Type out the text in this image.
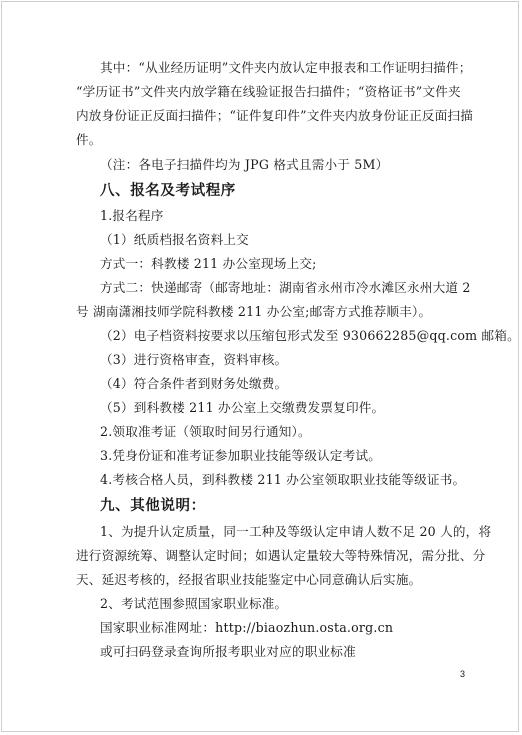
其中：“从业经历证明”文件夹内放认定申报表和工作证明扫描件；
“学历证书”文件夹内放学籍在线验证报告扫描件；“资格证书”文件夹
内放身份证正反面扫描件；“证件复印件”文件夹内放身份证正反面扫描
件。
（注：各电子扫描件均为 JPG 格式且需小于 5M）
八、报名及考试程序
1.报名程序
（1）纸质档报名资料上交
方式一：科教楼 211 办公室现场上交;
方式二：快递邮寄（邮寄地址：湖南省永州市冷水滩区永州大道 2
号 湖南潇湘技师学院科教楼 211 办公室;邮寄方式推荐顺丰）。
（2）电子档资料按要求以压缩包形式发至 930662285@qq.com 邮箱。
（3）进行资格审查，资料审核。
（4）符合条件者到财务处缴费。
（5）到科教楼 211 办公室上交缴费发票复印件。
2.领取准考证（领取时间另行通知）。
3.凭身份证和准考证参加职业技能等级认定考试。
4.考核合格人员，到科教楼 211 办公室领取职业技能等级证书。
九、其他说明：
1、为提升认定质量，同一工种及等级认定申请人数不足 20 人的，将
进行资源统筹、调整认定时间；如遇认定量较大等特殊情况，需分批、分
天、延迟考核的，经报省职业技能鉴定中心同意确认后实施。
2、考试范围参照国家职业标准。
国家职业标准网址：http://biaozhun.osta.org.cn
或可扫码登录查询所报考职业对应的职业标准
3
